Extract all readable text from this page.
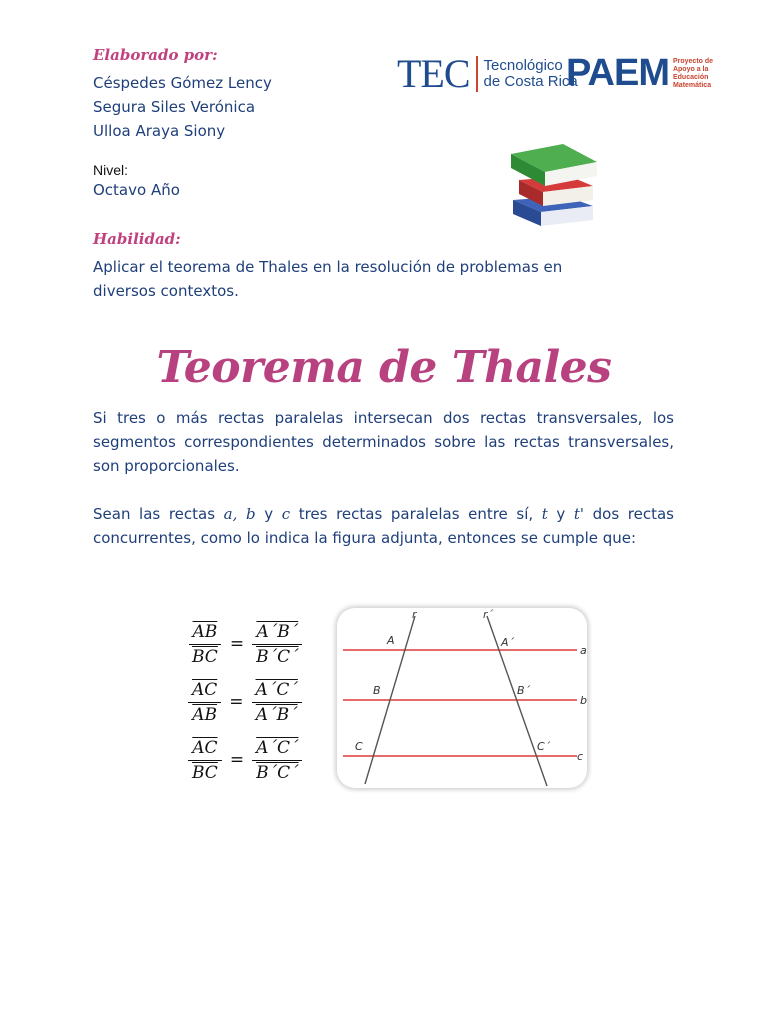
Elaborado por:
Céspedes Gómez Lency
Segura Siles Verónica
Ulloa Araya Siony
Nivel:
Octavo Año
TEC Tecnológico
de Costa Rica
PAEM Proyecto de
Apoyo a la
Educación
Matemática
Habilidad:
Aplicar el teorema de Thales en la resolución de problemas en diversos contextos.
Teorema de Thales
Si tres o más rectas paralelas intersecan dos rectas transversales, los segmentos correspondientes determinados sobre las rectas transversales, son proporcionales.
Sean las rectas a, b y c tres rectas paralelas entre sí, t y t' dos rectas
concurrentes, como lo indica la figura adjunta, entonces se cumple que:
$\frac{\overline{AB}}{BC} = \frac{A´B´}{B´C´}$
$\frac{\overline{AC}}{AB} = \frac{A´C´}{A´B´}$
$\frac{\overline{AC}}{BC} = \frac{A´C´}{B´C´}$
r	r´
A
B
C
A´
B´
C´
a
b
c
